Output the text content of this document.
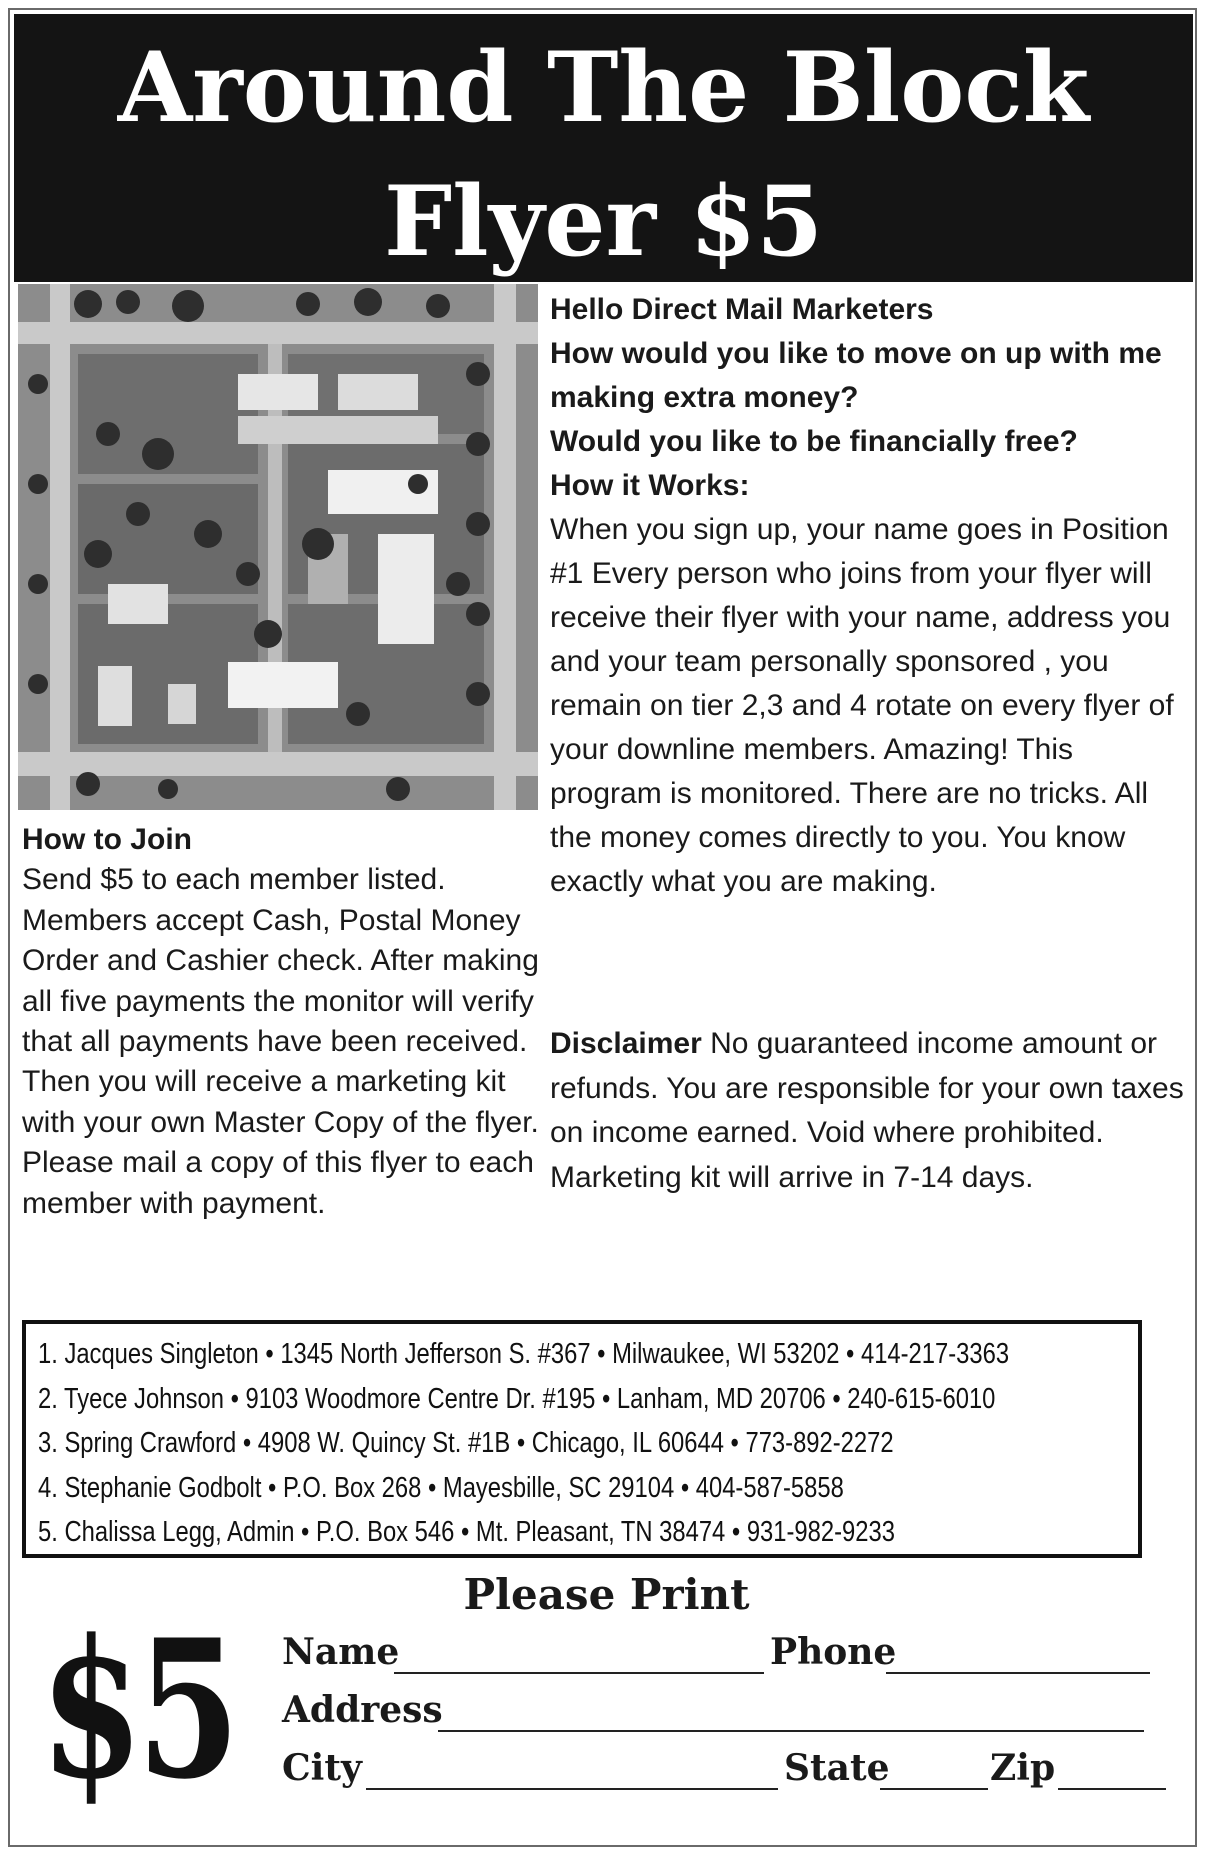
Around The Block
Flyer $5
Hello Direct Mail Marketers
How would you like to move on up with me making extra money?
Would you like to be financially free?
How it Works:
When you sign up, your name goes in Position #1 Every person who joins from your flyer will receive their flyer with your name, address you and your team personally sponsored , you remain on tier 2,3 and 4 rotate on every flyer of your downline members. Amazing! This program is monitored. There are no tricks. All the money comes directly to you. You know exactly what you are making.
Disclaimer No guaranteed income amount or refunds. You are responsible for your own taxes on income earned. Void where prohibited. Marketing kit will arrive in 7-14 days.
How to Join
Send $5 to each member listed. Members accept Cash, Postal Money Order and Cashier check. After making all five payments the monitor will verify that all payments have been received. Then you will receive a marketing kit with your own Master Copy of the flyer. Please mail a copy of this flyer to each member with payment.
1. Jacques Singleton • 1345 North Jefferson S. #367 • Milwaukee, WI 53202 • 414-217-3363
2. Tyece Johnson • 9103 Woodmore Centre Dr. #195 • Lanham, MD 20706 • 240-615-6010
3. Spring Crawford • 4908 W. Quincy St. #1B • Chicago, IL 60644 • 773-892-2272
4. Stephanie Godbolt • P.O. Box 268 • Mayesbille, SC 29104 • 404-587-5858
5. Chalissa Legg, Admin • P.O. Box 546 • Mt. Pleasant, TN 38474 • 931-982-9233
Please Print
$5 Name	Phone
Address
City	State	Zip
